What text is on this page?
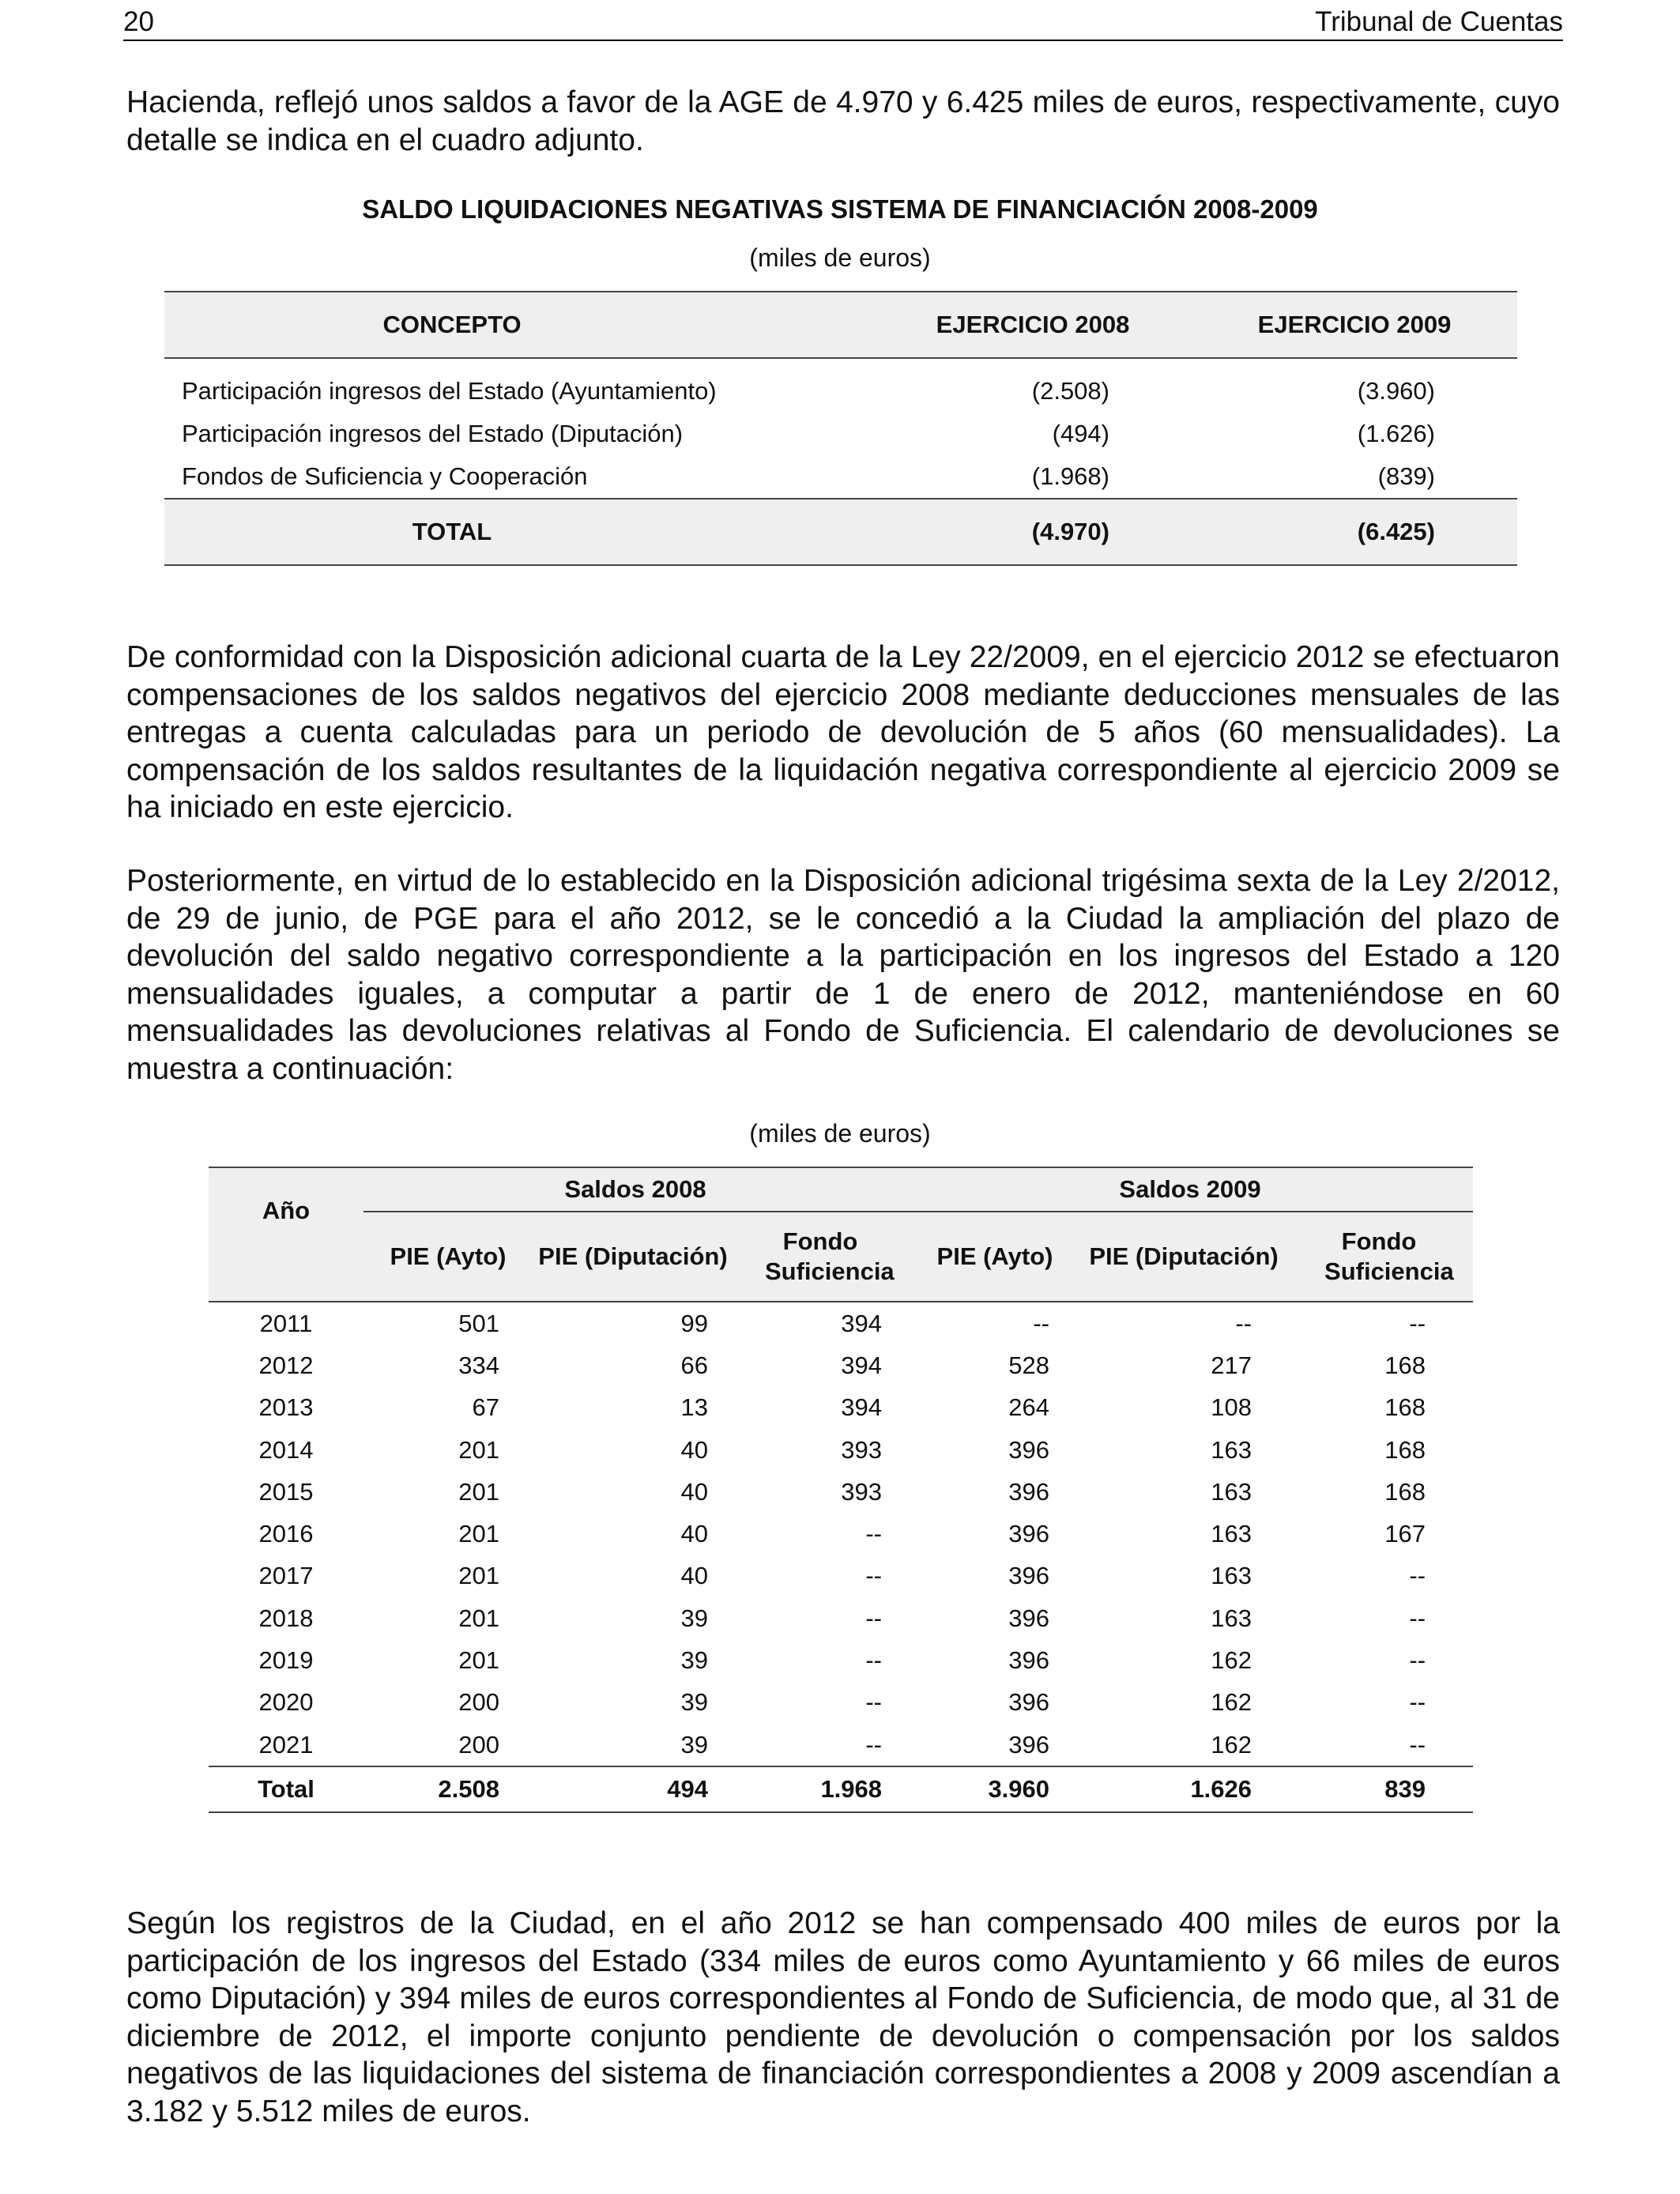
20	Tribunal de Cuentas

Hacienda, reflejó unos saldos a favor de la AGE de 4.970 y 6.425 miles de euros, respectivamente, cuyo detalle se indica en el cuadro adjunto.

SALDO LIQUIDACIONES NEGATIVAS SISTEMA DE FINANCIACIÓN 2008-2009
(miles de euros)
CONCEPTO	EJERCICIO 2008	EJERCICIO 2009
Participación ingresos del Estado (Ayuntamiento)	(2.508)	(3.960)
Participación ingresos del Estado (Diputación)	(494)	(1.626)
Fondos de Suficiencia y Cooperación	(1.968)	(839)
TOTAL	(4.970)	(6.425)

De conformidad con la Disposición adicional cuarta de la Ley 22/2009, en el ejercicio 2012 se efectuaron compensaciones de los saldos negativos del ejercicio 2008 mediante deducciones mensuales de las entregas a cuenta calculadas para un periodo de devolución de 5 años (60 mensualidades). La compensación de los saldos resultantes de la liquidación negativa correspondiente al ejercicio 2009 se ha iniciado en este ejercicio.

Posteriormente, en virtud de lo establecido en la Disposición adicional trigésima sexta de la Ley 2/2012, de 29 de junio, de PGE para el año 2012, se le concedió a la Ciudad la ampliación del plazo de devolución del saldo negativo correspondiente a la participación en los ingresos del Estado a 120 mensualidades iguales, a computar a partir de 1 de enero de 2012, manteniéndose en 60 mensualidades las devoluciones relativas al Fondo de Suficiencia. El calendario de devoluciones se muestra a continuación:

(miles de euros)
Año	Saldos 2008			Saldos 2009		
	PIE (Ayto)	PIE (Diputación)	Fondo Suficiencia	PIE (Ayto)	PIE (Diputación)	Fondo Suficiencia
2011	501	99	394	--	--	--
2012	334	66	394	528	217	168
2013	67	13	394	264	108	168
2014	201	40	393	396	163	168
2015	201	40	393	396	163	168
2016	201	40	--	396	163	167
2017	201	40	--	396	163	--
2018	201	39	--	396	163	--
2019	201	39	--	396	162	--
2020	200	39	--	396	162	--
2021	200	39	--	396	162	--
Total	2.508	494	1.968	3.960	1.626	839

Según los registros de la Ciudad, en el año 2012 se han compensado 400 miles de euros por la participación de los ingresos del Estado (334 miles de euros como Ayuntamiento y 66 miles de euros como Diputación) y 394 miles de euros correspondientes al Fondo de Suficiencia, de modo que, al 31 de diciembre de 2012, el importe conjunto pendiente de devolución o compensación por los saldos negativos de las liquidaciones del sistema de financiación correspondientes a 2008 y 2009 ascendían a 3.182 y 5.512 miles de euros.
